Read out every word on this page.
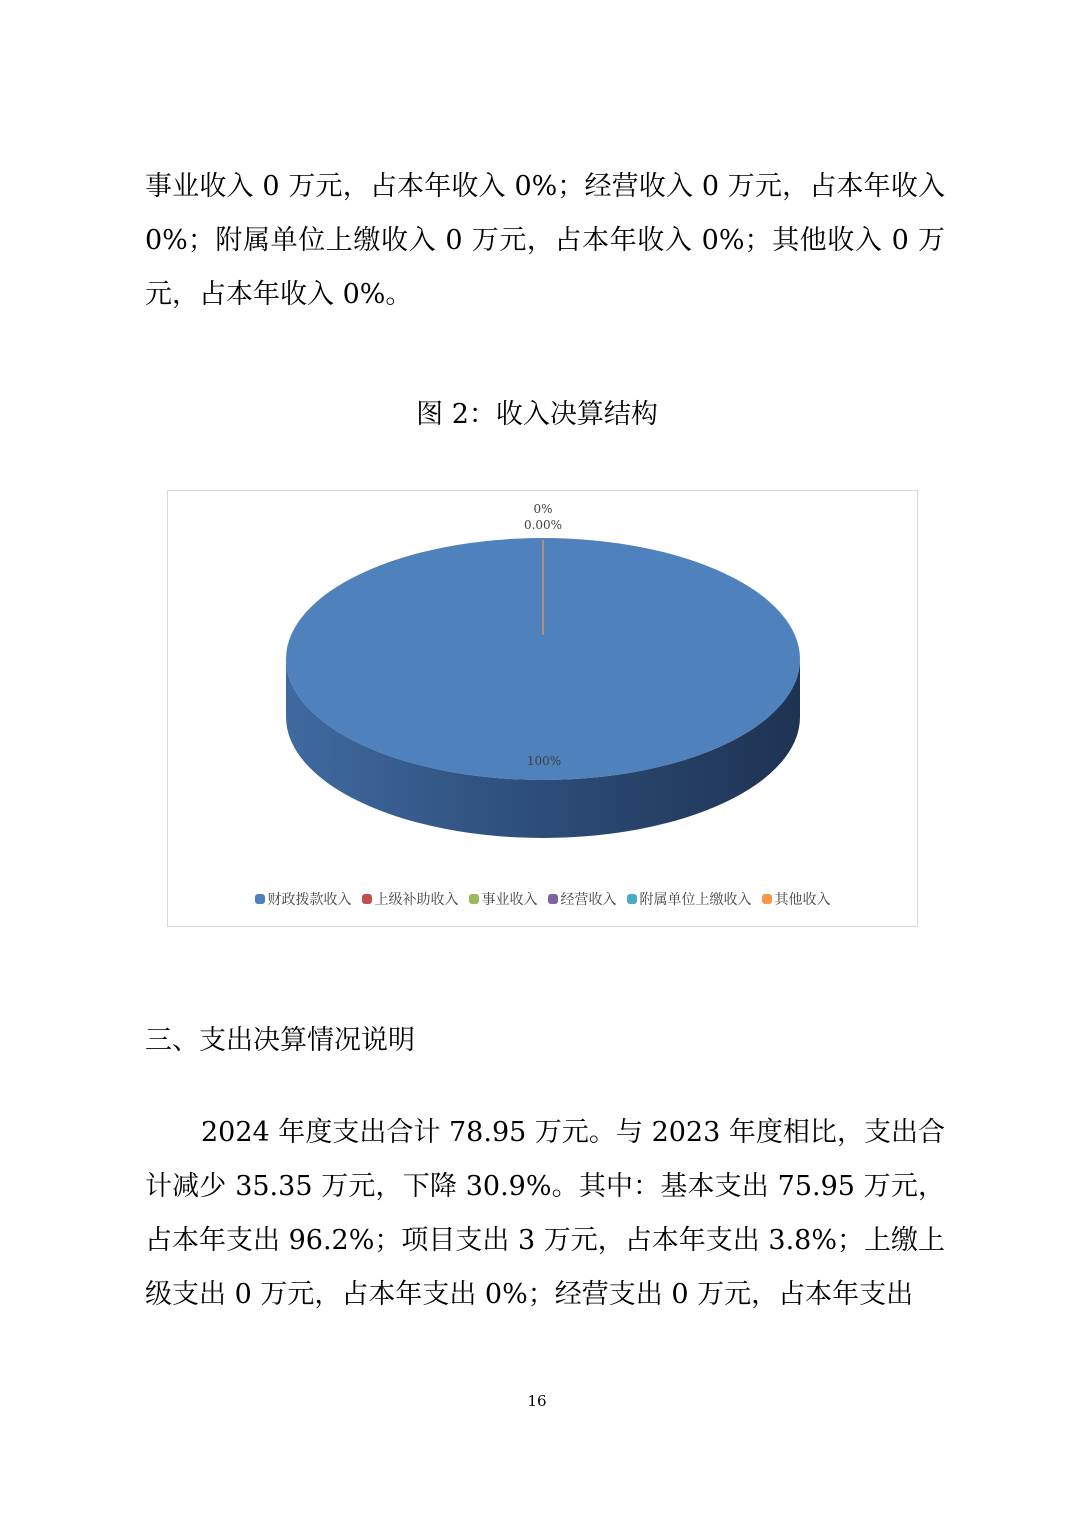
事业收入 0 万元，占本年收入 0%；经营收入 0 万元，占本年收入 0%；附属单位上缴收入 0 万元，占本年收入 0%；其他收入 0 万元，占本年收入 0%。

图 2：收入决算结构
0%
0.00%
100%
财政拨款收入 上级补助收入 事业收入 经营收入 附属单位上缴收入 其他收入
三、支出决算情况说明

2024 年度支出合计 78.95 万元。与 2023 年度相比，支出合计减少 35.35 万元，下降 30.9%。其中：基本支出 75.95 万元，占本年支出 96.2%；项目支出 3 万元，占本年支出 3.8%；上缴上级支出 0 万元，占本年支出 0%；经营支出 0 万元，占本年支出

16
